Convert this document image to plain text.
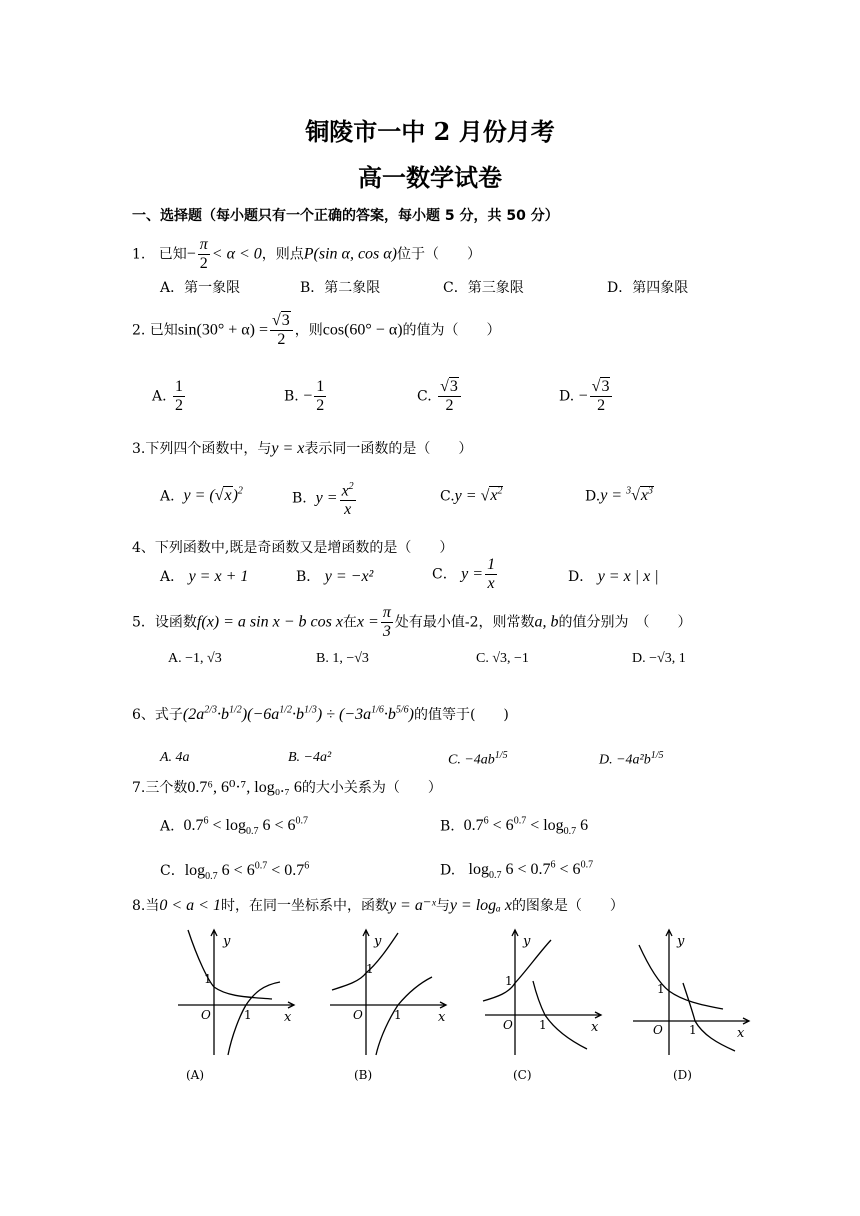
铜陵市一中 2 月份月考
高一数学试卷
一、选择题（每小题只有一个正确的答案，每小题 5 分，共 50 分）
1. 已知− $\frac{\pi}{2} < \alpha < 0$，则点P(sin α, cos α)位于（　　）
A．第一象限	B．第二象限	C．第三象限	D．第四象限
2. 已知$\sin(30^\circ + \alpha) = \frac{√3}{2}$ ，则cos(60° − α)的值为（　　）
A. $\frac{1}{2}$	B. − $\frac{1}{2}$	C. $\frac{√3}{2}$	D. − $\frac{√3}{2}$
3.下列四个函数中，与y = x表示同一函数的是（　　）
A. $y = (√x)^2$	B. $y = \frac{x^2}{x}$	$C.y = √x^2$	$D.y = ^3√x^3$
4、下列函数中,既是奇函数又是增函数的是（　　）
A． y = x + 1	B． y = −x²	C． $y = \frac{1}{x}$	D． y = x | x |
5．设函数f(x) = a sin x − b cos x在$x = \frac{\pi}{3}$ 处有最小值-2，则常数a, b的值分别为　（　　）
A. −1, √3	B. 1, −√3	C. √3, −1	D. −√3, 1
6、式子$(2a^{2/3}\cdot b^{1/2})(-6a^{1/2}\cdot b^{1/3}) \div (-3a^{1/6}\cdot b^{5/6})$的值等于(　　)
A. 4a	B. −4a²	C. $-4ab^{1/5}$	D. $-4a^2b^{1/5}$
7.三个数0.7⁶, 6⁰·⁷, log₀.₇ 6的大小关系为（　　）
A. $0.7^6 < \log_{0.7} 6 < 6^{0.7}$	B. $0.7^6 < 6^{0.7} < \log_{0.7} 6$
C．$\log_{0.7} 6 < 6^{0.7} < 0.7^6$	D. $\log_{0.7} 6 < 0.7^6 < 6^{0.7}$
8.当0 < a < 1时，在同一坐标系中，函数y = a⁻ˣ与y = logₐ x的图象是（　　）
y
1
O	1 x
y
1
O	1	x
y
1
O 1	x
y
1
O 1	x
(A)	(B)	(C)	(D)
